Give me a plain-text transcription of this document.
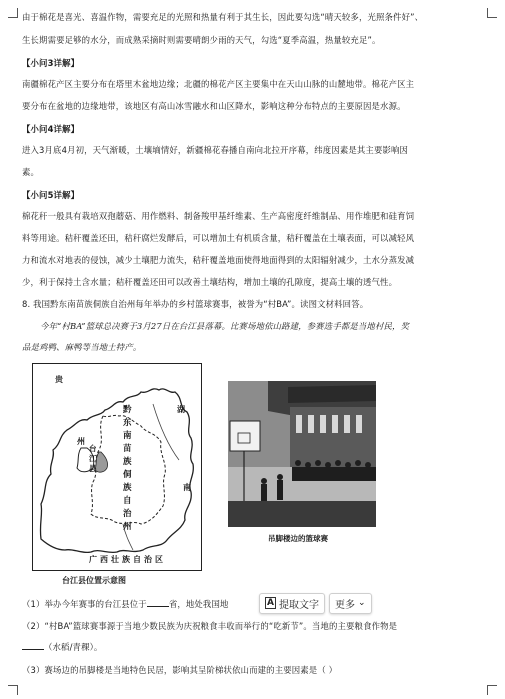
由于棉花是喜光、喜温作物，需要充足的光照和热量有利于其生长，因此要勾选“晴天较多，光照条件好”、
生长期需要足够的水分，而成熟采摘时则需要晴朗少雨的天气，勾选“夏季高温，热量较充足”。
【小问3详解】
南疆棉花产区主要分布在塔里木盆地边缘；北疆的棉花产区主要集中在天山山脉的山麓地带。棉花产区主
要分布在盆地的边缘地带，该地区有高山冰雪融水和山区降水，影响这种分布特点的主要原因是水源。
【小问4详解】
进入3月底4月初，天气渐暖，土壤墒情好，新疆棉花春播自南向北拉开序幕，纬度因素是其主要影响因
素。
【小问5详解】
棉花秆一般具有栽培双孢蘑菇、用作燃料、制备羧甲基纤维素、生产高密度纤维制品、用作堆肥和硅育饲
料等用途。秸秆覆盖还田，秸秆腐烂发酵后，可以增加土有机质含量，秸秆覆盖在土壤表面，可以减轻风
力和流水对地表的侵蚀，减少土壤肥力流失，秸秆覆盖地面使得地面得到的太阳辐射减少，土水分蒸发减
少，利于保持土含水量；秸秆覆盖还田可以改善土壤结构，增加土壤的孔隙度，提高土壤的透气性。
8. 我国黔东南苗族侗族自治州每年举办的乡村篮球赛事，被誉为“村BA”。读图文材料回答。
今年“村BA”篮球总决赛于3月27日在台江县落幕。比赛场地依山路建，参赛选手都是当地村民，奖
品是鸡鸭、麻鸭等当地土特产。
贵
州
台江县
黔东南苗族侗族自治州
湖
南
广西壮族自治区
台江县位置示意图
吊脚楼边的篮球赛
（1）举办今年赛事的台江县位于	省，地处我国地	A 提取文字 更多 ⌄
（2）“村BA”篮球赛事源于当地少数民族为庆祝粮食丰收而举行的“吃新节”。当地的主要粮食作物是
（水稻/青稞）。
（3）赛场边的吊脚楼是当地特色民居，影响其呈阶梯状依山而建的主要因素是（ ）
